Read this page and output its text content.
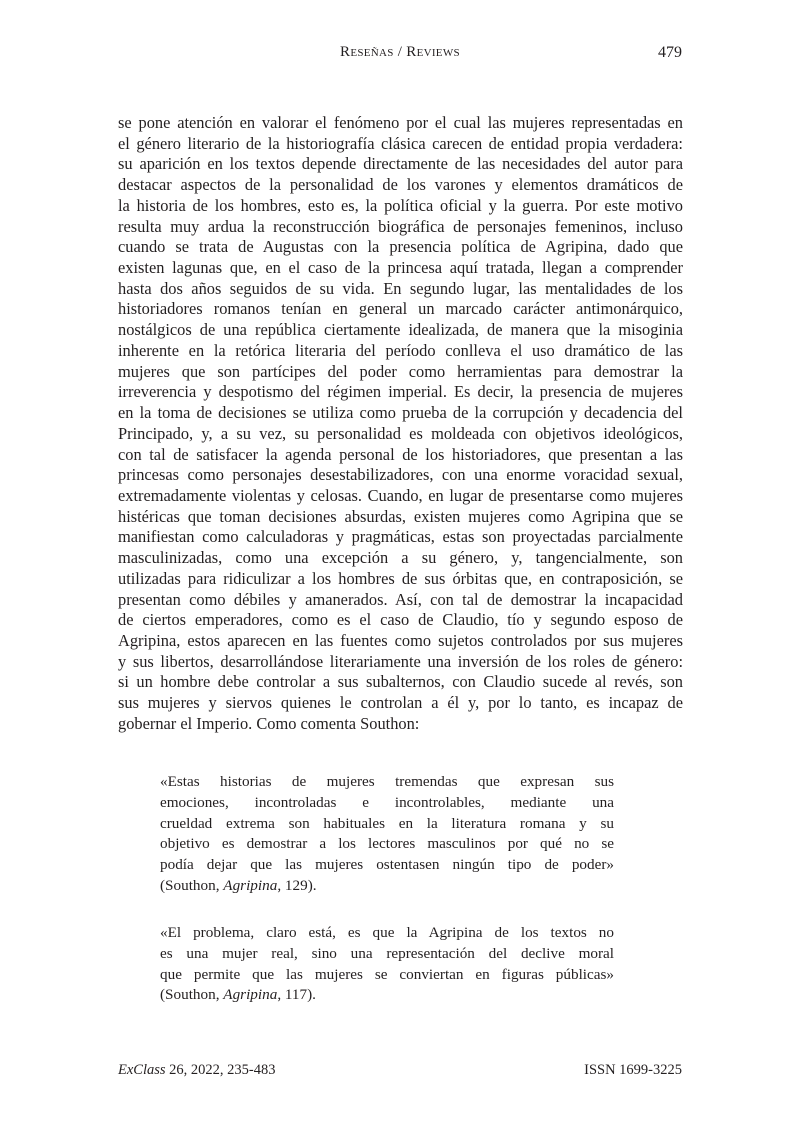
Reseñas / Reviews	479
se pone atención en valorar el fenómeno por el cual las mujeres representadas en
el género literario de la historiografía clásica carecen de entidad propia verdadera:
su aparición en los textos depende directamente de las necesidades del autor para
destacar aspectos de la personalidad de los varones y elementos dramáticos de
la historia de los hombres, esto es, la política oficial y la guerra. Por este motivo
resulta muy ardua la reconstrucción biográfica de personajes femeninos, incluso
cuando se trata de Augustas con la presencia política de Agripina, dado que
existen lagunas que, en el caso de la princesa aquí tratada, llegan a comprender
hasta dos años seguidos de su vida. En segundo lugar, las mentalidades de los
historiadores romanos tenían en general un marcado carácter antimonárquico,
nostálgicos de una república ciertamente idealizada, de manera que la misoginia
inherente en la retórica literaria del período conlleva el uso dramático de las
mujeres que son partícipes del poder como herramientas para demostrar la
irreverencia y despotismo del régimen imperial. Es decir, la presencia de mujeres
en la toma de decisiones se utiliza como prueba de la corrupción y decadencia del
Principado, y, a su vez, su personalidad es moldeada con objetivos ideológicos,
con tal de satisfacer la agenda personal de los historiadores, que presentan a las
princesas como personajes desestabilizadores, con una enorme voracidad sexual,
extremadamente violentas y celosas. Cuando, en lugar de presentarse como mujeres
histéricas que toman decisiones absurdas, existen mujeres como Agripina que se
manifiestan como calculadoras y pragmáticas, estas son proyectadas parcialmente
masculinizadas, como una excepción a su género, y, tangencialmente, son
utilizadas para ridiculizar a los hombres de sus órbitas que, en contraposición, se
presentan como débiles y amanerados. Así, con tal de demostrar la incapacidad
de ciertos emperadores, como es el caso de Claudio, tío y segundo esposo de
Agripina, estos aparecen en las fuentes como sujetos controlados por sus mujeres
y sus libertos, desarrollándose literariamente una inversión de los roles de género:
si un hombre debe controlar a sus subalternos, con Claudio sucede al revés, son
sus mujeres y siervos quienes le controlan a él y, por lo tanto, es incapaz de
gobernar el Imperio. Como comenta Southon:
«Estas historias de mujeres tremendas que expresan sus
emociones, incontroladas e incontrolables, mediante una
crueldad extrema son habituales en la literatura romana y su
objetivo es demostrar a los lectores masculinos por qué no se
podía dejar que las mujeres ostentasen ningún tipo de poder»
(Southon, Agripina, 129).
«El problema, claro está, es que la Agripina de los textos no
es una mujer real, sino una representación del declive moral
que permite que las mujeres se conviertan en figuras públicas»
(Southon, Agripina, 117).
ExClass 26, 2022, 235-483	ISSN 1699-3225
